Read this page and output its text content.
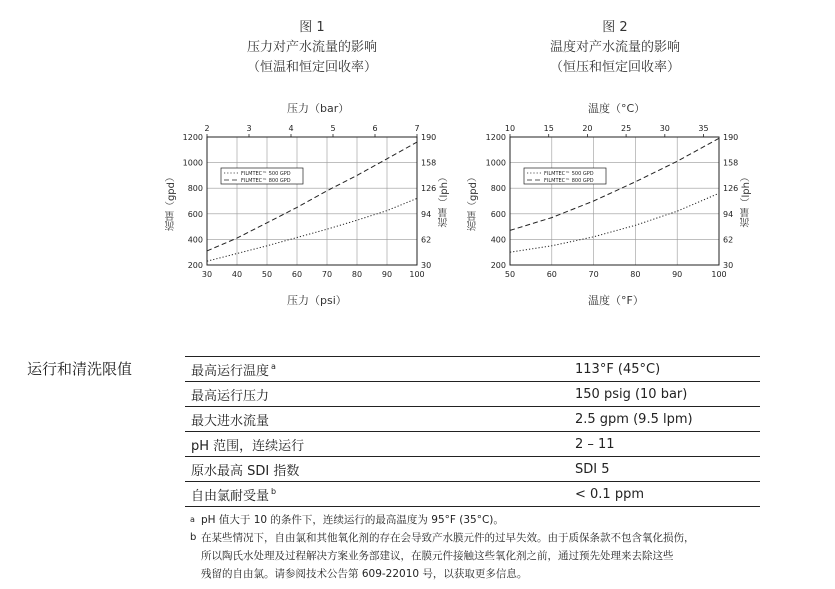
图 1
压力对产水流量的影响
（恒温和恒定回收率）
压力（bar）
压力（psi）
流量（gpd）	流量（lph）
30 40 50 60 70 80 90 100
200
400
600
800
1000
1200
30
62
94
126
158
190
2	3	4	5	6	7
FILMTEC™ 500 GPD
FILMTEC™ 800 GPD
图 2
温度对产水流量的影响
（恒压和恒定回收率）
温度（°C）
温度（°F）
流量（gpd）	流量（lph）
50	60	70	80	90	100
200
400
600
800
1000
1200
30
62
94
126
158
190
10	15	20	25	30	35
FILMTEC™ 500 GPD
FILMTEC™ 800 GPD
运行和清洗限值	最高运行温度 $^a$	113°F (45°C)
最高运行压力	150 psig (10 bar)
最大进水流量	2.5 gpm (9.5 lpm)
pH 范围，连续运行	2 – 11
原水最高 SDI 指数	SDI 5
自由氯耐受量 $^b$	< 0.1 ppm
a pH 值大于 10 的条件下，连续运行的最高温度为 95°F (35°C)。
b 在某些情况下，自由氯和其他氧化剂的存在会导致产水膜元件的过早失效。由于质保条款不包含氧化损伤，
所以陶氏水处理及过程解决方案业务部建议，在膜元件接触这些氧化剂之前，通过预先处理来去除这些
残留的自由氯。请参阅技术公告第 609-22010 号，以获取更多信息。
